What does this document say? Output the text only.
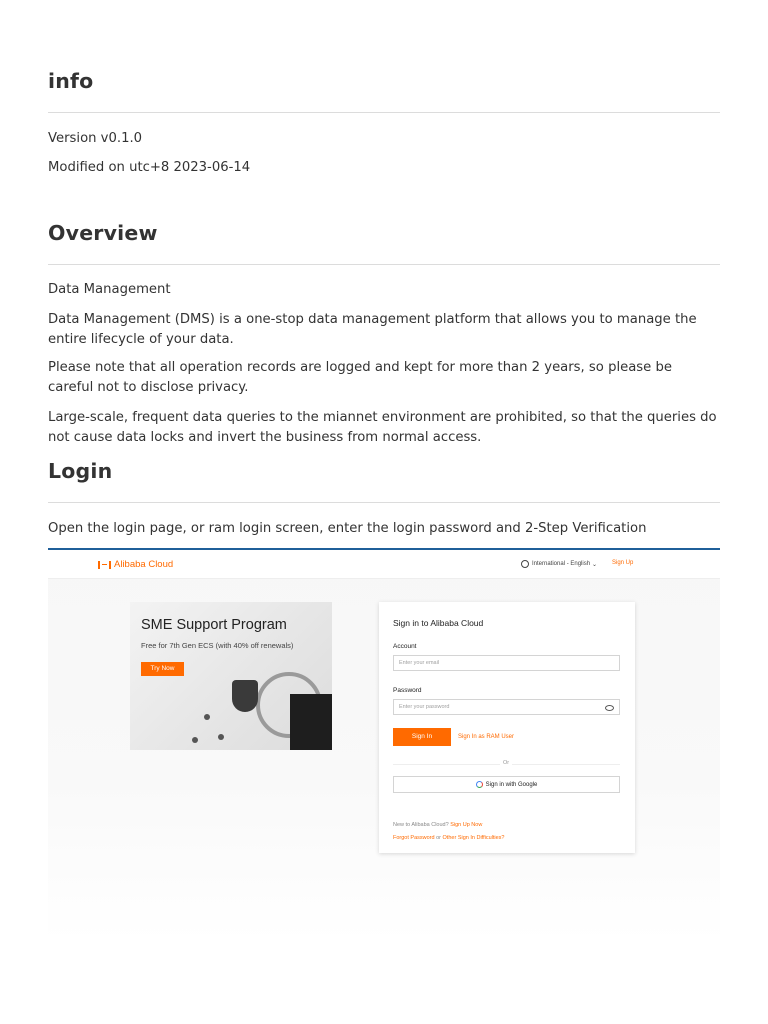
info

Version v0.1.0

Modified on utc+8 2023-06-14

Overview

Data Management

Data Management (DMS) is a one-stop data management platform that allows you to manage the entire lifecycle of your data.

Please note that all operation records are logged and kept for more than 2 years, so please be careful not to disclose privacy.

Large-scale, frequent data queries to the miannet environment are prohibited, so that the queries do not cause data locks and invert the business from normal access.

Login

Open the login page, or ram login screen, enter the login password and 2-Step Verification

Alibaba Cloud	International - English ⌄ Sign Up
SME Support Program
Free for 7th Gen ECS (with 40% off renewals)
Try Now
Sign in to Alibaba Cloud
Account
Enter your email
Password
Enter your password
Sign In	Sign In as RAM User
Or
Sign in with Google
New to Alibaba Cloud? Sign Up Now
Forgot Password or Other Sign In Difficulties?
